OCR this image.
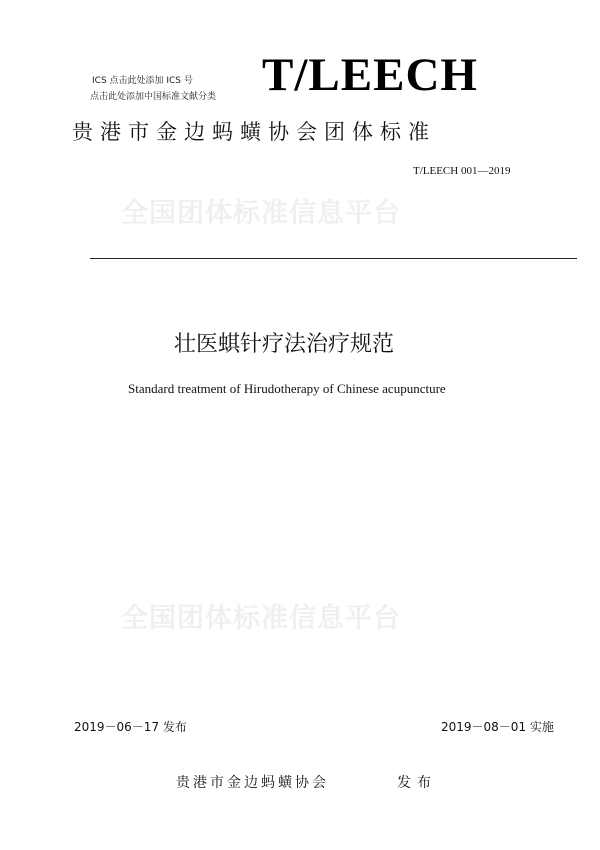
ICS 点击此处添加 ICS 号
点击此处添加中国标准文献分类 T/LEECH
贵港市金边蚂蟥协会团体标准
T/LEECH 001—2019
全国团体标准信息平台
壮医蜞针疗法治疗规范
Standard treatment of Hirudotherapy of Chinese acupuncture
全国团体标准信息平台
2019－06－17 发布	2019－08－01 实施
贵港市金边蚂蟥协会	发布
